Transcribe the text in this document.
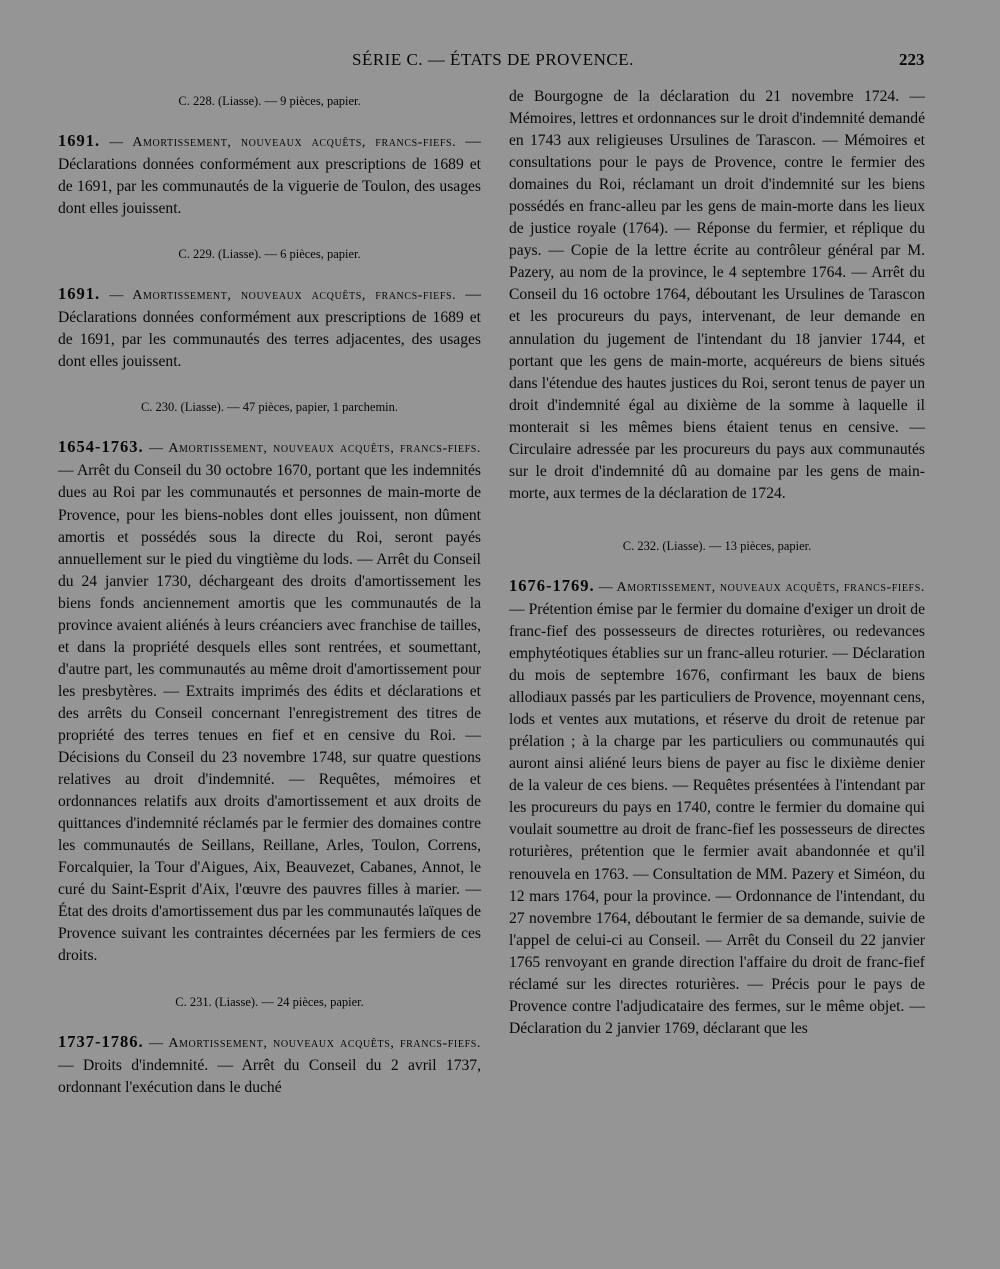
SÉRIE C. — ÉTATS DE PROVENCE.	223

C. 228. (Liasse). — 9 pièces, papier.

1691. — Amortissement, nouveaux acquêts, francs-fiefs. — Déclarations données conformément aux prescriptions de 1689 et de 1691, par les communautés de la viguerie de Toulon, des usages dont elles jouissent.

C. 229. (Liasse). — 6 pièces, papier.

1691. — Amortissement, nouveaux acquêts, francs-fiefs. — Déclarations données conformément aux prescriptions de 1689 et de 1691, par les communautés des terres adjacentes, des usages dont elles jouissent.

C. 230. (Liasse). — 47 pièces, papier, 1 parchemin.

1654-1763. — Amortissement, nouveaux acquêts, francs-fiefs. — Arrêt du Conseil du 30 octobre 1670, portant que les indemnités dues au Roi par les communautés et personnes de main-morte de Provence, pour les biens-nobles dont elles jouissent, non dûment amortis et possédés sous la directe du Roi, seront payés annuellement sur le pied du vingtième du lods. — Arrêt du Conseil du 24 janvier 1730, déchargeant des droits d'amortissement les biens fonds anciennement amortis que les communautés de la province avaient aliénés à leurs créanciers avec franchise de tailles, et dans la propriété desquels elles sont rentrées, et soumettant, d'autre part, les communautés au même droit d'amortissement pour les presbytères. — Extraits imprimés des édits et déclarations et des arrêts du Conseil concernant l'enregistrement des titres de propriété des terres tenues en fief et en censive du Roi. — Décisions du Conseil du 23 novembre 1748, sur quatre questions relatives au droit d'indemnité. — Requêtes, mémoires et ordonnances relatifs aux droits d'amortissement et aux droits de quittances d'indemnité réclamés par le fermier des domaines contre les communautés de Seillans, Reillane, Arles, Toulon, Correns, Forcalquier, la Tour d'Aigues, Aix, Beauvezet, Cabanes, Annot, le curé du Saint-Esprit d'Aix, l'œuvre des pauvres filles à marier. — État des droits d'amortissement dus par les communautés laïques de Provence suivant les contraintes décernées par les fermiers de ces droits.

C. 231. (Liasse). — 24 pièces, papier.

1737-1786. — Amortissement, nouveaux acquêts, francs-fiefs. — Droits d'indemnité. — Arrêt du Conseil du 2 avril 1737, ordonnant l'exécution dans le duché

de Bourgogne de la déclaration du 21 novembre 1724. — Mémoires, lettres et ordonnances sur le droit d'indemnité demandé en 1743 aux religieuses Ursulines de Tarascon. — Mémoires et consultations pour le pays de Provence, contre le fermier des domaines du Roi, réclamant un droit d'indemnité sur les biens possédés en franc-alleu par les gens de main-morte dans les lieux de justice royale (1764). — Réponse du fermier, et réplique du pays. — Copie de la lettre écrite au contrôleur général par M. Pazery, au nom de la province, le 4 septembre 1764. — Arrêt du Conseil du 16 octobre 1764, déboutant les Ursulines de Tarascon et les procureurs du pays, intervenant, de leur demande en annulation du jugement de l'intendant du 18 janvier 1744, et portant que les gens de main-morte, acquéreurs de biens situés dans l'étendue des hautes justices du Roi, seront tenus de payer un droit d'indemnité égal au dixième de la somme à laquelle il monterait si les mêmes biens étaient tenus en censive. — Circulaire adressée par les procureurs du pays aux communautés sur le droit d'indemnité dû au domaine par les gens de main-morte, aux termes de la déclaration de 1724.

C. 232. (Liasse). — 13 pièces, papier.

1676-1769. — Amortissement, nouveaux acquêts, francs-fiefs. — Prétention émise par le fermier du domaine d'exiger un droit de franc-fief des possesseurs de directes roturières, ou redevances emphytéotiques établies sur un franc-alleu roturier. — Déclaration du mois de septembre 1676, confirmant les baux de biens allodiaux passés par les particuliers de Provence, moyennant cens, lods et ventes aux mutations, et réserve du droit de retenue par prélation ; à la charge par les particuliers ou communautés qui auront ainsi aliéné leurs biens de payer au fisc le dixième denier de la valeur de ces biens. — Requêtes présentées à l'intendant par les procureurs du pays en 1740, contre le fermier du domaine qui voulait soumettre au droit de franc-fief les possesseurs de directes roturières, prétention que le fermier avait abandonnée et qu'il renouvela en 1763. — Consultation de MM. Pazery et Siméon, du 12 mars 1764, pour la province. — Ordonnance de l'intendant, du 27 novembre 1764, déboutant le fermier de sa demande, suivie de l'appel de celui-ci au Conseil. — Arrêt du Conseil du 22 janvier 1765 renvoyant en grande direction l'affaire du droit de franc-fief réclamé sur les directes roturières. — Précis pour le pays de Provence contre l'adjudicataire des fermes, sur le même objet. — Déclaration du 2 janvier 1769, déclarant que les
